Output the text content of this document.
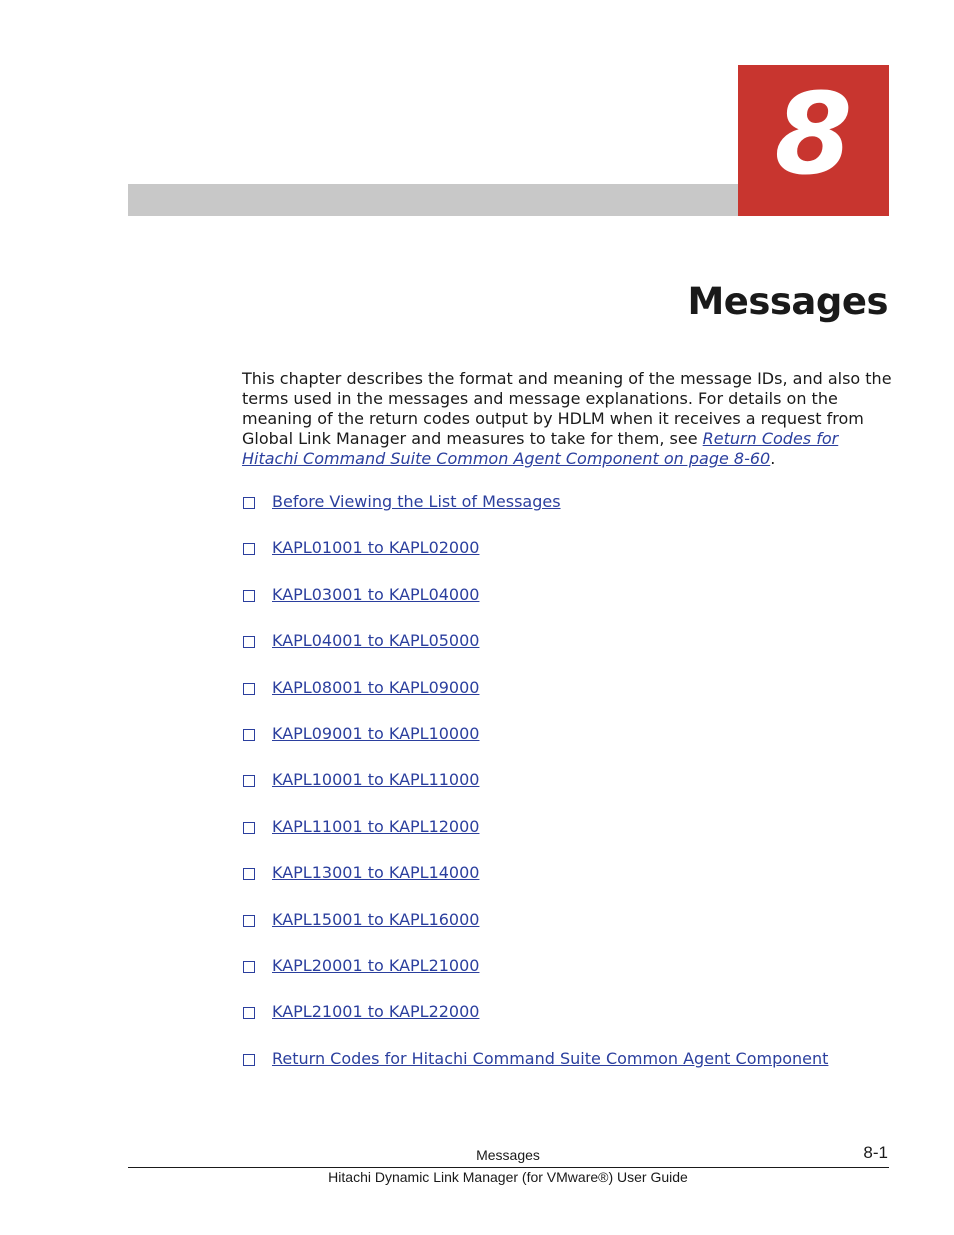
8
Messages

This chapter describes the format and meaning of the message IDs, and also the terms used in the messages and message explanations. For details on the meaning of the return codes output by HDLM when it receives a request from Global Link Manager and measures to take for them, see Return Codes for Hitachi Command Suite Common Agent Component on page 8-60.

Before Viewing the List of Messages
KAPL01001 to KAPL02000
KAPL03001 to KAPL04000
KAPL04001 to KAPL05000
KAPL08001 to KAPL09000
KAPL09001 to KAPL10000
KAPL10001 to KAPL11000
KAPL11001 to KAPL12000
KAPL13001 to KAPL14000
KAPL15001 to KAPL16000
KAPL20001 to KAPL21000
KAPL21001 to KAPL22000
Return Codes for Hitachi Command Suite Common Agent Component
Messages	8-1
Hitachi Dynamic Link Manager (for VMware®) User Guide
